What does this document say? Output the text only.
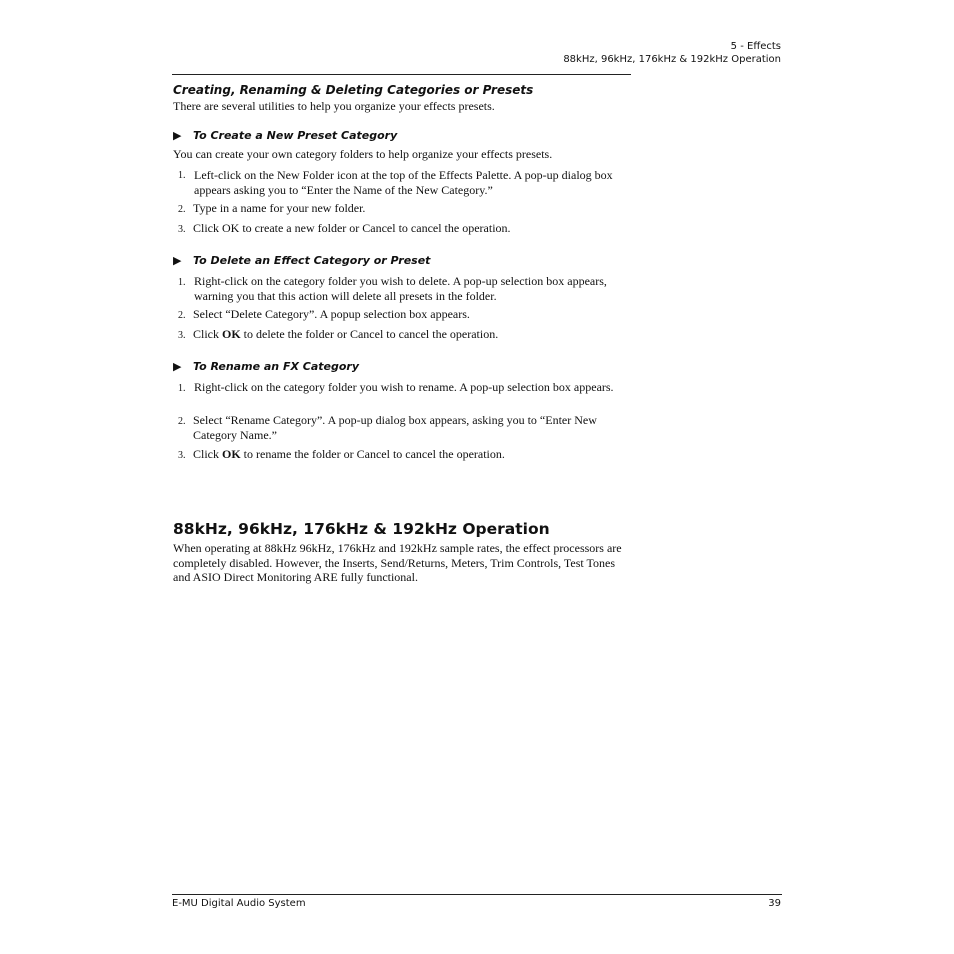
5 - Effects
88kHz, 96kHz, 176kHz & 192kHz Operation
Creating, Renaming & Deleting Categories or Presets
There are several utilities to help you organize your effects presets.
▶ To Create a New Preset Category
You can create your own category folders to help organize your effects presets.
1. Left-click on the New Folder icon at the top of the Effects Palette. A pop-up dialog box appears asking you to “Enter the Name of the New Category.”
2. Type in a name for your new folder.
3. Click OK to create a new folder or Cancel to cancel the operation.
▶ To Delete an Effect Category or Preset
1. Right-click on the category folder you wish to delete. A pop-up selection box appears, warning you that this action will delete all presets in the folder.
2. Select “Delete Category”. A popup selection box appears.
3. Click OK to delete the folder or Cancel to cancel the operation.
▶ To Rename an FX Category
1. Right-click on the category folder you wish to rename. A pop-up selection box appears.
2. Select “Rename Category”. A pop-up dialog box appears, asking you to “Enter New Category Name.”
3. Click OK to rename the folder or Cancel to cancel the operation.
88kHz, 96kHz, 176kHz & 192kHz Operation
When operating at 88kHz 96kHz, 176kHz and 192kHz sample rates, the effect processors are completely disabled. However, the Inserts, Send/Returns, Meters, Trim Controls, Test Tones and ASIO Direct Monitoring ARE fully functional.
E-MU Digital Audio System	39
